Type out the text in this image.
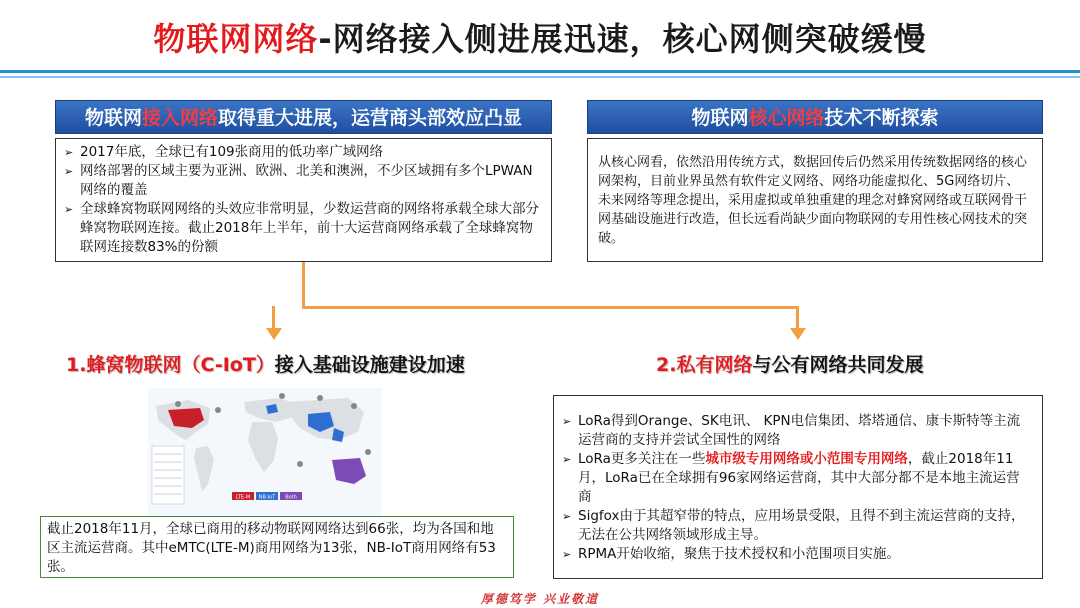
物联网网络-网络接入侧进展迅速，核心网侧突破缓慢
物联网接入网络取得重大进展，运营商头部效应凸显
➢ 2017年底，全球已有109张商用的低功率广域网络
➢ 网络部署的区域主要为亚洲、欧洲、北美和澳洲，不少区域拥有多个LPWAN网络的覆盖
➢ 全球蜂窝物联网网络的头效应非常明显，少数运营商的网络将承载全球大部分蜂窝物联网连接。截止2018年上半年，前十大运营商网络承载了全球蜂窝物联网连接数83%的份额
物联网核心网络技术不断探索
从核心网看，依然沿用传统方式，数据回传后仍然采用传统数据网络的核心网架构，目前业界虽然有软件定义网络、网络功能虚拟化、5G网络切片、未来网络等理念提出，采用虚拟或单独重建的理念对蜂窝网络或互联网骨干网基础设施进行改造，但长远看尚缺少面向物联网的专用性核心网技术的突破。
1.蜂窝物联网（C-IoT）接入基础设施建设加速	2.私有网络与公有网络共同发展
LTE-M NB-IoT Both
截止2018年11月，全球已商用的移动物联网网络达到66张，均为各国和地区主流运营商。其中eMTC(LTE-M)商用网络为13张，NB-IoT商用网络有53张。
➢ LoRa得到Orange、SK电讯、 KPN电信集团、塔塔通信、康卡斯特等主流运营商的支持并尝试全国性的网络
➢ LoRa更多关注在一些城市级专用网络或小范围专用网络，截止2018年11月，LoRa已在全球拥有96家网络运营商，其中大部分都不是本地主流运营商
➢ Sigfox由于其超窄带的特点，应用场景受限，且得不到主流运营商的支持，无法在公共网络领域形成主导。
➢ RPMA开始收缩，聚焦于技术授权和小范围项目实施。
厚德笃学 兴业敬道
